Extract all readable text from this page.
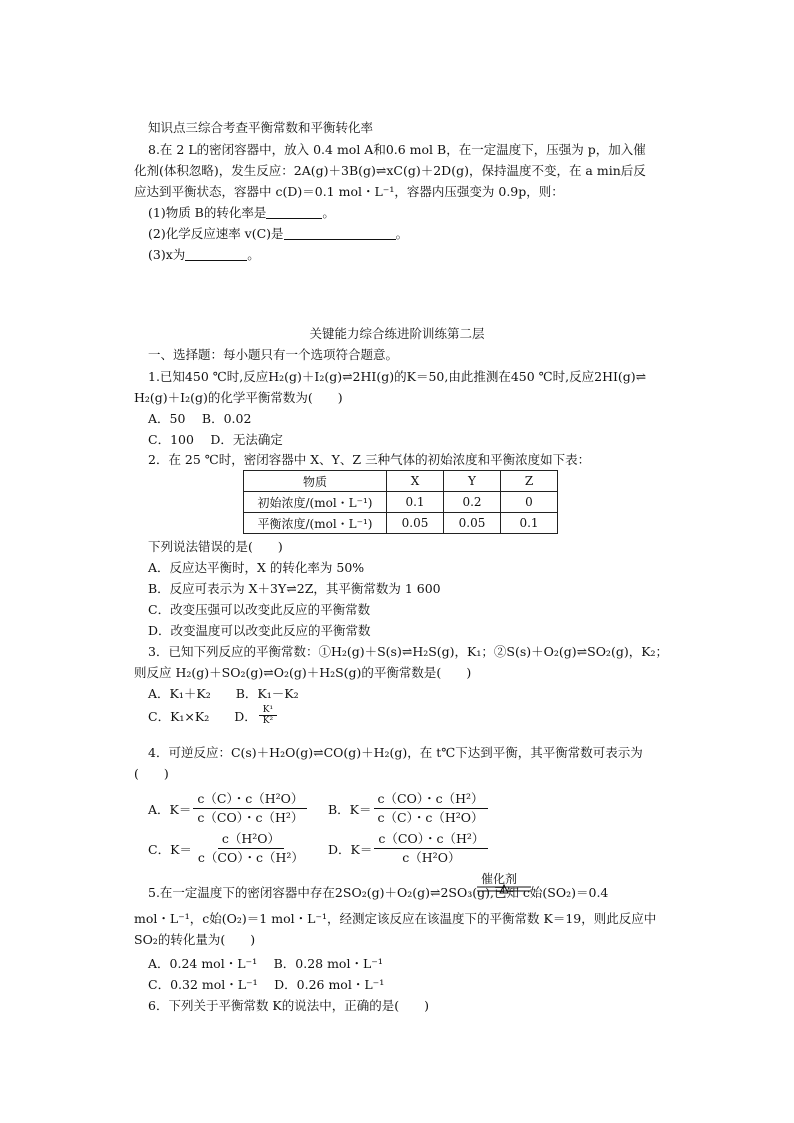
知识点三综合考查平衡常数和平衡转化率
8.在 2 L的密闭容器中，放入 0.4 mol A和0.6 mol B，在一定温度下，压强为 p，加入催
化剂(体积忽略)，发生反应：2A(g)＋3B(g)⇌xC(g)＋2D(g)，保持温度不变，在 a min后反
应达到平衡状态，容器中 c(D)＝0.1 mol・L⁻¹，容器内压强变为 0.9p，则：
(1)物质 B的转化率是	。
(2)化学反应速率 v(C)是	。
(3)x为	。
关键能力综合练进阶训练第二层
一、选择题：每小题只有一个选项符合题意。
1.已知450 ℃时,反应H₂(g)＋I₂(g)⇌2HI(g)的K＝50,由此推测在450 ℃时,反应2HI(g)⇌
H₂(g)＋I₂(g)的化学平衡常数为(　　)
A．50　 B．0.02
C．100　 D．无法确定
2．在 25 ℃时，密闭容器中 X、Y、Z 三种气体的初始浓度和平衡浓度如下表：
物质	X	Y	Z
初始浓度/(mol・L⁻¹)	0.1	0.2	0
平衡浓度/(mol・L⁻¹)	0.05	0.05	0.1
下列说法错误的是(　　)
A．反应达平衡时，X 的转化率为 50%
B．反应可表示为 X＋3Y⇌2Z，其平衡常数为 1 600
C．改变压强可以改变此反应的平衡常数
D．改变温度可以改变此反应的平衡常数
3．已知下列反应的平衡常数：①H₂(g)＋S(s)⇌H₂S(g)，K₁；②S(s)＋O₂(g)⇌SO₂(g)，K₂；
则反应 H₂(g)＋SO₂(g)⇌O₂(g)＋H₂S(g)的平衡常数是(　　)
A．K₁＋K₂　　B．K₁－K₂
C．K₁×K₂　　D． $\frac{\text{K¹}}{\text{K²}}$
4．可逆反应：C(s)＋H₂O(g)⇌CO(g)＋H₂(g)，在 t℃下达到平衡，其平衡常数可表示为
(　　)
A．$K= \frac{\text{c（C）・c（H²O）}}{\text{c（CO）・c（H²）}}$ B．$K= \frac{\text{c（CO）・c（H²）}}{\text{c（C）・c（H²O）}}$
C．$K= \frac{\text{c（H²O）}}{\text{c（CO）・c（H²）}}$ D．$K= \frac{\text{c（CO）・c（H²）}}{\text{c（H²O）}}$
催化剂
5.在一定温度下的密闭容器中存在2SO₂(g)＋O₂(g)⇌2SO₃(g),已知 c始(SO₂)＝0.4
mol・L⁻¹，c始(O₂)＝1 mol・L⁻¹，经测定该反应在该温度下的平衡常数 K＝19，则此反应中
SO₂的转化量为(　　)
A．0.24 mol・L⁻¹　 B．0.28 mol・L⁻¹
C．0.32 mol・L⁻¹　 D．0.26 mol・L⁻¹
6．下列关于平衡常数 K的说法中，正确的是(　　)
